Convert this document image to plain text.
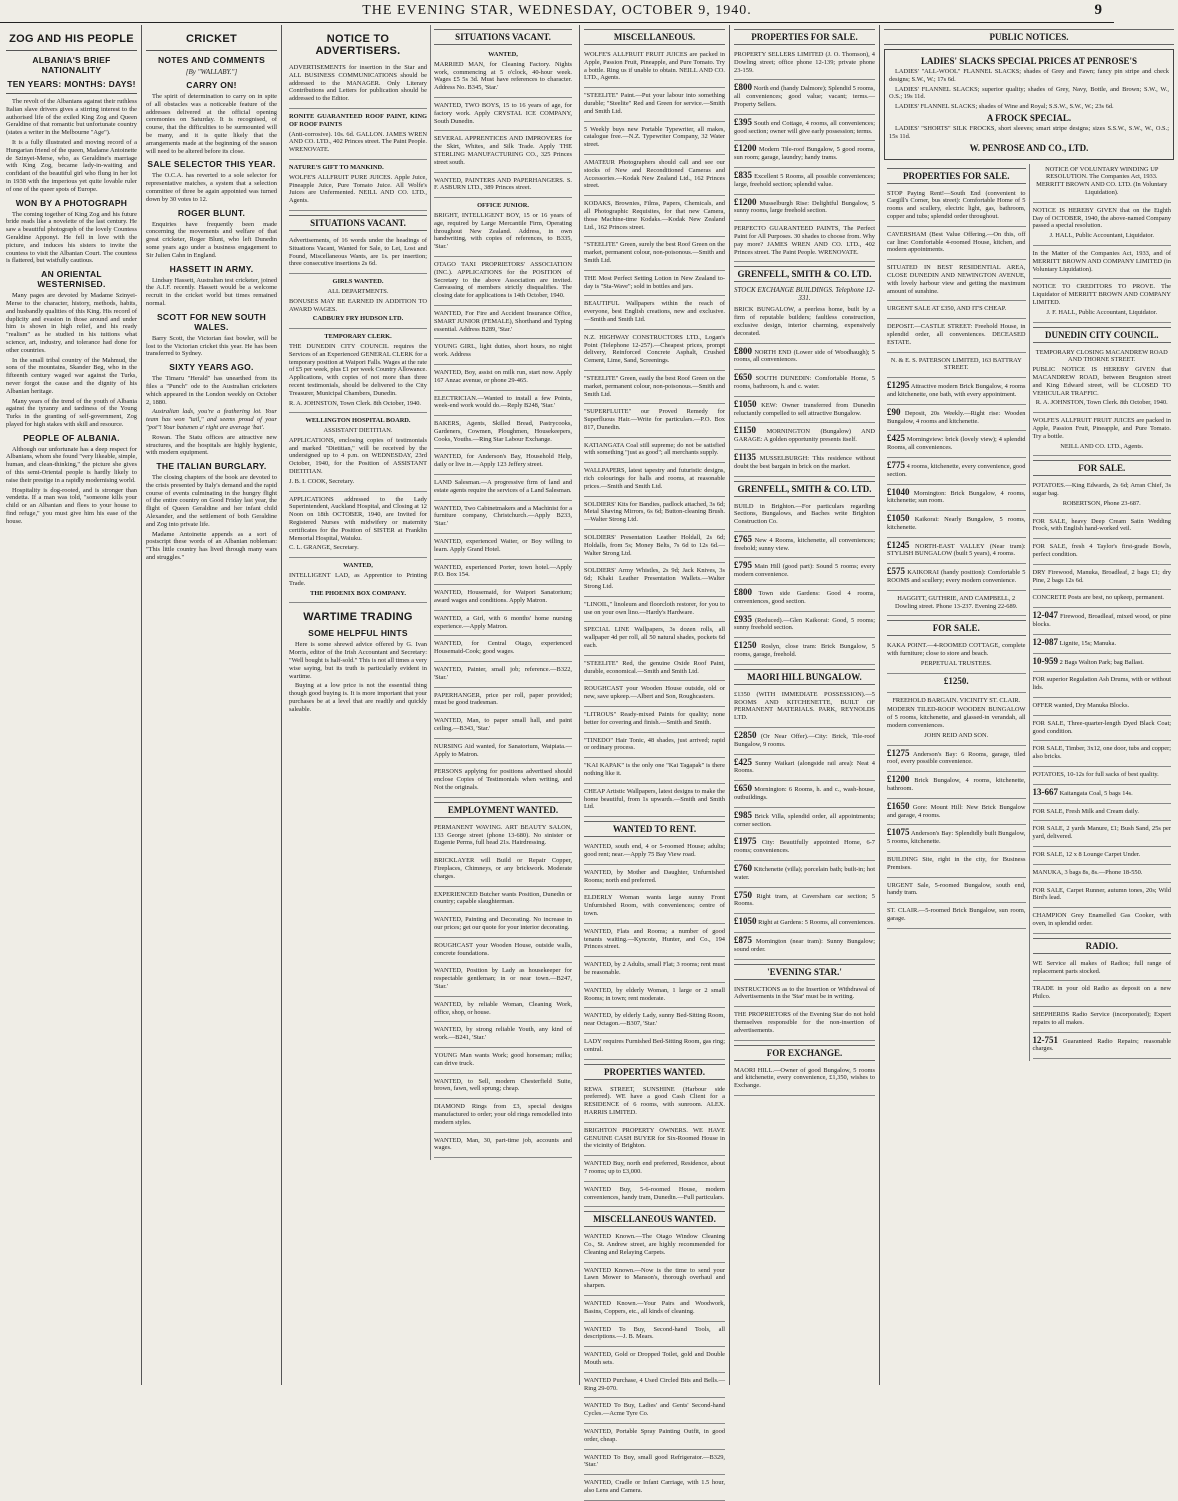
THE EVENING STAR, WEDNESDAY, OCTOBER 9, 1940.	9
ZOG AND HIS PEOPLE
ALBANIA'S BRIEF NATIONALITY
TEN YEARS: MONTHS: DAYS!

The revolt of the Albanians against their ruthless Italian slave drivers gives a stirring interest to the authorised life of the exiled King Zog and Queen Geraldine of that romantic but unfortunate country (states a writer in the Melbourne "Age").

It is a fully illustrated and moving record of a Hungarian friend of the queen, Madame Antoinette de Szinyei-Merse, who, as Geraldine's marriage with King Zog, became lady-in-waiting and confidant of the beautiful girl who flung in her lot in 1938 with the imperious yet quite lovable ruler of one of the queer spots of Europe.

WON BY A PHOTOGRAPH

The coming together of King Zog and his future bride reads like a novelette of the last century. He saw a beautiful photograph of the lovely Countess Geraldine Apponyi. He fell in love with the picture, and induces his sisters to invite the countess to visit the Albanian Court. The countess is flattered, but wistfully cautious.

AN ORIENTAL WESTERNISED.

Many pages are devoted by Madame Szinyei-Merse to the character, history, methods, habits, and husbandly qualities of this King. His record of duplicity and evasion in those around and under him is shown in high relief, and his ready "realism" as he studied in his tuitions what science, art, industry, and tolerance had done for other countries.

In the small tribal country of the Mahmud, the sons of the mountains, Skander Beg, who in the fifteenth century waged war against the Turks, never forgot the cause and the dignity of his Albanian heritage.

Many years of the trend of the youth of Albania against the tyranny and tardiness of the Young Turks in the granting of self-government, Zog played for high stakes with skill and resource.

PEOPLE OF ALBANIA.

Although our unfortunate has a deep respect for Albanians, whom she found "very likeable, simple, human, and clean-thinking," the picture she gives of this semi-Oriental people is hardly likely to raise their prestige in a rapidly modernising world.

Hospitality is dog-rooted, and is stronger than vendetta. If a man was told, "someone kills your child or an Albanian and flees to your house to find refuge," you must give him his ease of the house.

CRICKET
NOTES AND COMMENTS
[By "WALLABY."]
CARRY ON!

The spirit of determination to carry on in spite of all obstacles was a noticeable feature of the addresses delivered at the official opening ceremonies on Saturday. It is recognised, of course, that the difficulties to be surmounted will be many, and it is quite likely that the arrangements made at the beginning of the season will need to be altered before its close.

SALE SELECTOR THIS YEAR.

The O.C.A. has reverted to a sole selector for representative matches, a system that a selection committee of three be again appointed was turned down by 30 votes to 12.

ROGER BLUNT.

Enquiries have frequently been made concerning the movements and welfare of that great cricketer, Roger Blunt, who left Dunedin some years ago under a business engagement to Sir Julien Cahn in England.

HASSETT IN ARMY.

Lindsay Hassett, Australian test cricketer, joined the A.I.F. recently. Hassett would be a welcome recruit in the cricket world but times remained normal.

SCOTT FOR NEW SOUTH WALES.

Barry Scott, the Victorian fast bowler, will be lost to the Victorian cricket this year. He has been transferred to Sydney.

SIXTY YEARS AGO.

The Timaru "Herald" has unearthed from its files a "Punch" ode to the Australian cricketers which appeared in the London weekly on October 2, 1880.

Australian lads, you're a feathering lot. Your team has won "tail," and seems proud of your "pot"! Your batsmen a' right are average 'bat'.

Rowan. The Statu offices are attractive new structures, and the hospitals are highly hygienic, with modern equipment.

THE ITALIAN BURGLARY.

The closing chapters of the book are devoted to the crisis presented by Italy's demand and the rapid course of events culminating in the hungry flight of the entire country on Good Friday last year, the flight of Queen Geraldine and her infant child Alexander, and the settlement of both Geraldine and Zog into private life.

Madame Antoinette appends as a sort of postscript these words of an Albanian nobleman: "This little country has lived through many wars and struggles."

NOTICE TO ADVERTISERS.

ADVERTISEMENTS for insertion in the Star and ALL BUSINESS COMMUNICATIONS should be addressed to the MANAGER. Only Literary Contributions and Letters for publication should be addressed to the Editor.

RONITE GUARANTEED ROOF PAINT, KING OF ROOF PAINTS

(Anti-corrosive). 10s. 6d. GALLON. JAMES WREN AND CO. LTD., 402 Princes street. The Paint People. WRENOVATE.

NATURE'S GIFT TO MANKIND.

WOLFE'S ALLFRUIT PURE JUICES. Apple Juice, Pineapple Juice, Pure Tomato Juice. All Wolfe's Juices are Unfermented. NEILL AND CO. LTD., Agents.

SITUATIONS VACANT.

Advertisements, of 16 words under the headings of Situations Vacant, Wanted for Sale, to Let, Lost and Found, Miscellaneous Wants, are 1s. per insertion; three consecutive insertions 2s 6d.

GIRLS WANTED.

ALL DEPARTMENTS.

BONUSES MAY BE EARNED IN ADDITION TO AWARD WAGES.

CADBURY FRY HUDSON LTD.

TEMPORARY CLERK.

THE DUNEDIN CITY COUNCIL requires the Services of an Experienced GENERAL CLERK for a temporary position at Waipori Falls. Wages at the rate of £5 per week, plus £1 per week Country Allowance. Applications, with copies of not more than three recent testimonials, should be delivered to the City Treasurer, Municipal Chambers, Dunedin.

R. A. JOHNSTON, Town Clerk. 8th October, 1940.

WELLINGTON HOSPITAL BOARD.

ASSISTANT DIETITIAN.

APPLICATIONS, enclosing copies of testimonials and marked "Dietitian," will be received by the undersigned up to 4 p.m. on WEDNESDAY, 23rd October, 1940, for the Position of ASSISTANT DIETITIAN.

J. B. I. COOK, Secretary.

APPLICATIONS addressed to the Lady Superintendent, Auckland Hospital, and Closing at 12 Noon on 18th OCTOBER, 1940, are Invited for Registered Nurses with midwifery or maternity certificates for the Position of SISTER at Franklin Memorial Hospital, Waiuku.

C. L. GRANGE, Secretary.

WANTED,

INTELLIGENT LAD, as Apprentice to Printing Trade.

THE PHOENIX BOX COMPANY.

WARTIME TRADING
SOME HELPFUL HINTS

Here is some shrewd advice offered by G. Ivan Morris, editor of the Irish Accountant and Secretary: "Well bought is half-sold." This is not all times a very wise saying, but its truth is particularly evident in wartime.

Buying at a low price is not the essential thing though good buying is. It is more important that your purchases be at a level that are readily and quickly saleable.

SITUATIONS VACANT.

WANTED,

MARRIED MAN, for Cleaning Factory. Nights work, commencing at 5 o'clock, 40-hour week. Wages £5 5s 3d. Must have references to character. Address No. B345, 'Star.'

WANTED, TWO BOYS, 15 to 16 years of age, for factory work. Apply CRYSTAL ICE COMPANY, South Dunedin.

SEVERAL APPRENTICES AND IMPROVERS for the Skirt, Whites, and Silk Trade. Apply THE STERLING MANUFACTURING CO., 325 Princes street south.

WANTED, PAINTERS AND PAPERHANGERS. S. F. ASBURN LTD., 389 Princes street.

OFFICE JUNIOR.

BRIGHT, INTELLIGENT BOY, 15 or 16 years of age, required by Large Mercantile Firm, Operating throughout New Zealand. Address, in own handwriting, with copies of references, to B335, 'Star.'

OTAGO TAXI PROPRIETORS' ASSOCIATION (INC.). APPLICATIONS for the POSITION of Secretary to the above Association are invited. Canvassing of members strictly disqualifies. The closing date for applications is 14th October, 1940.

WANTED, For Fire and Accident Insurance Office, SMART JUNIOR (FEMALE), Shorthand and Typing essential. Address B289, 'Star.'

YOUNG GIRL, light duties, short hours, no night work. Address

WANTED, Boy, assist on milk run, start now. Apply 167 Anzac avenue, or phone 29-465.

ELECTRICIAN.—Wanted to install a few Points, week-end work would do.—Reply B248, 'Star.'

BAKERS, Agents, Skilled Bread, Pastrycooks, Gardeners, Cowmen, Ploughmen, Housekeepers, Cooks, Youths.—Ring Star Labour Exchange.

WANTED, for Anderson's Bay, Household Help, daily or live in.—Apply 123 Jeffery street.

LAND Salesman.—A progressive firm of land and estate agents require the services of a Land Salesman.

WANTED, Two Cabinetmakers and a Machinist for a furniture company, Christchurch.—Apply B233, 'Star.'

WANTED, experienced Waiter, or Boy willing to learn. Apply Grand Hotel.

WANTED, experienced Porter, town hotel.—Apply P.O. Box 154.

WANTED, Housemaid, for Waipori Sanatorium; award wages and conditions. Apply Matron.

WANTED, a Girl, with 6 months' home nursing experience.—Apply Matron.

WANTED, for Central Otago, experienced Housemaid-Cook; good wages.

WANTED, Painter, small job; reference.—B322, 'Star.'

PAPERHANGER, price per roll, paper provided; must be good tradesman.

WANTED, Man, to paper small hall, and paint ceiling.—B343, 'Star.'

NURSING Aid wanted, for Sanatorium, Waipiata.—Apply to Matron.

PERSONS applying for positions advertised should enclose Copies of Testimonials when writing, and Not the originals.

EMPLOYMENT WANTED.

PERMANENT WAVING. ART BEAUTY SALON, 133 George street (phone 13-680). No sinister or Eugenie Perms, full head 21s. Hairdressing.

BRICKLAYER will Build or Repair Copper, Fireplaces, Chimneys, or any brickwork. Moderate charges.

EXPERIENCED Butcher wants Position, Dunedin or country; capable slaughterman.

WANTED, Painting and Decorating. No increase in our prices; get our quote for your interior decorating.

ROUGHCAST your Wooden House, outside walls, concrete foundations.

WANTED, Position by Lady as housekeeper for respectable gentleman; in or near town.—B247, 'Star.'

WANTED, by reliable Woman, Cleaning Work, office, shop, or house.

WANTED, by strong reliable Youth, any kind of work.—B241, 'Star.'

YOUNG Man wants Work; good horseman; milks; can drive truck.

WANTED, to Sell, modern Chesterfield Suite, brown, fawn, well sprung; cheap.

DIAMOND Rings from £3, special designs manufactured to order; your old rings remodelled into modern styles.

WANTED, Man, 30, part-time job, accounts and wages.

MISCELLANEOUS.

WOLFE'S ALLFRUIT FRUIT JUICES are packed in Apple, Passion Fruit, Pineapple, and Pure Tomato. Try a bottle. Ring us if unable to obtain. NEILL AND CO. LTD., Agents.

"STEELITE" Paint.—Put your labour into something durable; "Steelite" Red and Green for service.—Smith and Smith Ltd.

5 Weekly buys new Portable Typewriter, all makes, catalogue free.—N.Z. Typewriter Company, 32 Water street.

AMATEUR Photographers should call and see our stocks of New and Reconditioned Cameras and Accessories.—Kodak New Zealand Ltd., 162 Princes street.

KODAKS, Brownies, Films, Papers, Chemicals, and all Photographic Requisites, for that new Camera, those Machine-time Kodaks.—Kodak New Zealand Ltd., 162 Princes street.

"STEELITE" Green, surely the best Roof Green on the market, permanent colour, non-poisonous.—Smith and Smith Ltd.

THE Most Perfect Setting Lotion in New Zealand to-day is "Sta-Wave"; sold in bottles and jars.

BEAUTIFUL Wallpapers within the reach of everyone, best English creations, new and exclusive.—Smith and Smith Ltd.

N.Z. HIGHWAY CONSTRUCTORS LTD., Logan's Point (Telephone 12-257).—Cheapest prices, prompt delivery, Reinforced Concrete Asphalt, Crushed Cement, Lime, Sand, Screenings.

"STEELITE" Green, easily the best Roof Green on the market, permanent colour, non-poisonous.—Smith and Smith Ltd.

"SUPERFLUITE" our Proved Remedy for Superfluous Hair.—Write for particulars.—P.O. Box 817, Dunedin.

KATIANGATA Coal still supreme; do not be satisfied with something "just as good"; all merchants supply.

WALLPAPERS, latest tapestry and futuristic designs, rich colourings for halls and rooms, at reasonable prices.—Smith and Smith Ltd.

SOLDIERS' Kits for Bandies, padlock attached, 3s 6d; Metal Shaving Mirrors, 6s 6d; Button-cleaning Brush.—Walter Strong Ltd.

SOLDIERS' Presentation Leather Holdall, 2s 6d; Holdalls, from 5s; Money Belts, 7s 6d to 12s 6d.—Walter Strong Ltd.

SOLDIERS' Army Whistles, 2s 9d; Jack Knives, 3s 6d; Khaki Leather Presentation Wallets.—Walter Strong Ltd.

"LINOIL," linoleum and floorcloth restorer, for you to use on your own lino.—Hardy's Hardware.

SPECIAL LINE Wallpapers, 3s dozen rolls, all wallpaper 4d per roll, all 50 natural shades, pockets 6d each.

"STEELITE" Red, the genuine Oxide Roof Paint, durable, economical.—Smith and Smith Ltd.

ROUGHCAST your Wooden House outside, old or new, save upkeep.—Albert and Son, Roughcasters.

"LITROUS" Ready-mixed Paints for quality; none better for covering and finish.—Smith and Smith.

"TINEDO" Hair Tonic, 48 shades, just arrived; rapid or ordinary process.

"KAI KAPAK" is the only one "Kai Tagapak" is there nothing like it.

CHEAP Artistic Wallpapers, latest designs to make the home beautiful, from 1s upwards.—Smith and Smith Ltd.

WANTED TO RENT.

WANTED, south end, 4 or 5-roomed House; adults; good rent; near.—Apply 75 Bay View road.

WANTED, by Mother and Daughter, Unfurnished Rooms; north end preferred.

ELDERLY Woman wants large sunny Front Unfurnished Room, with conveniences; centre of town.

WANTED, Flats and Rooms; a number of good tenants waiting.—Kyncote, Hunter, and Co., 194 Princes street.

WANTED, by 2 Adults, small Flat; 3 rooms; rent must be reasonable.

WANTED, by elderly Woman, 1 large or 2 small Rooms; in town; rent moderate.

WANTED, by elderly Lady, sunny Bed-Sitting Room, near Octagon.—B307, 'Star.'

LADY requires Furnished Bed-Sitting Room, gas ring; central.

PROPERTIES WANTED.

REWA STREET, SUNSHINE (Harbour side preferred). WE have a good Cash Client for a RESIDENCE of 6 rooms, with sunroom. ALEX. HARRIS LIMITED.

BRIGHTON PROPERTY OWNERS. WE HAVE GENUINE CASH BUYER for Six-Roomed House in the vicinity of Brighton.

WANTED Buy, north end preferred, Residence, about 7 rooms; up to £3,000.

WANTED Buy, 5-6-roomed House, modern conveniences, handy tram, Dunedin.—Full particulars.

MISCELLANEOUS WANTED.

WANTED Known.—The Otago Window Cleaning Co., St. Andrew street, are highly recommended for Cleaning and Relaying Carpets.

WANTED Known.—Now is the time to send your Lawn Mower to Manson's, thorough overhaul and sharpen.

WANTED Known.—Your Pairs and Woodwork, Basins, Coppers, etc., all kinds of cleaning.

WANTED To Buy, Second-hand Tools, all descriptions.—J. B. Mears.

WANTED, Gold or Dropped Toilet, gold and Double Mouth sets.

WANTED Purchase, 4 Used Circled Bits and Bells.—Ring 29-070.

WANTED To Buy, Ladies' and Gents' Second-hand Cycles.—Acme Tyre Co.

WANTED, Portable Spray Painting Outfit, in good order, cheap.

WANTED To Buy, small good Refrigerator.—B329, 'Star.'

WANTED, Cradle or Infant Carriage, with 1.5 hour, also Lens and Camera.

PROPERTIES FOR SALE.

PROPERTY SELLERS LIMITED (J. O. Thomson), 4 Dowling street; office phone 12-139; private phone 23-159.

£800 North end (handy Dalmore); Splendid 5 rooms, all conveniences; good value; vacant; terms.—Property Sellers.

£395 South end Cottage, 4 rooms, all conveniences; good section; owner will give early possession; terms.

£1200 Modern Tile-roof Bungalow, 5 good rooms, sun room; garage, laundry; handy trams.

£835 Excellent 5 Rooms, all possible conveniences; large, freehold section; splendid value.

£1200 Musselburgh Rise: Delightful Bungalow, 5 sunny rooms, large freehold section.

PERFECTO GUARANTEED PAINTS, The Perfect Paint for All Purposes. 30 shades to choose from. Why pay more? JAMES WREN AND CO. LTD., 402 Princes street. The Paint People. WRENOVATE.

GRENFELL, SMITH & CO. LTD.
STOCK EXCHANGE BUILDINGS. Telephone 12-331.

BRICK BUNGALOW, a peerless home, built by a firm of reputable builders; faultless construction, exclusive design, interior charming, expensively decorated.

£800 NORTH END (Lower side of Woodhaugh); 5 rooms, all conveniences.

£650 SOUTH DUNEDIN: Comfortable Home, 5 rooms, bathroom, h. and c. water.

£1050 KEW: Owner transferred from Dunedin reluctantly compelled to sell attractive Bungalow.

£1150 MORNINGTON (Bungalow) AND GARAGE: A golden opportunity presents itself.

£1135 MUSSELBURGH: This residence without doubt the best bargain in brick on the market.

GRENFELL, SMITH & CO. LTD.

BUILD in Brighton.—For particulars regarding Sections, Bungalows, and Baches write Brighton Construction Co.

£765 New 4 Rooms, kitchenette, all conveniences; freehold; sunny view.

£795 Main Hill (good part): Sound 5 rooms; every modern convenience.

£800 Town side Gardens: Good 4 rooms, conveniences, good section.

£935 (Reduced).—Glen Kaikorai: Good, 5 rooms; sunny freehold section.

£1250 Roslyn, close tram: Brick Bungalow, 5 rooms, garage, freehold.

MAORI HILL BUNGALOW.

£1350 (WITH IMMEDIATE POSSESSION).—5 ROOMS AND KITCHENETTE, BUILT OF PERMANENT MATERIALS. PARK, REYNOLDS LTD.

£2850 (Or Near Offer).—City: Brick, Tile-roof Bungalow, 9 rooms.

£425 Sunny Waikari (alongside rail area): Neat 4 Rooms.

£650 Mornington: 6 Rooms, h. and c., wash-house, outbuildings.

£985 Brick Villa, splendid order, all appointments; corner section.

£1975 City: Beautifully appointed Home, 6-7 rooms; conveniences.

£760 Kitchenette (villa); porcelain bath; built-in; hot water.

£750 Right tram, at Caversham car section; 5 Rooms.

£1050 Right at Gardens: 5 Rooms, all conveniences.

£875 Mornington (near tram): Sunny Bungalow; sound order.

'EVENING STAR.'

INSTRUCTIONS as to the Insertion or Withdrawal of Advertisements in the 'Star' must be in writing.

THE PROPRIETORS of the Evening Star do not hold themselves responsible for the non-insertion of advertisements.

FOR EXCHANGE.

MAORI HILL.—Owner of good Bungalow, 5 rooms and kitchenette, every convenience, £1,350, wishes to Exchange.

PUBLIC NOTICES.
LADIES' SLACKS SPECIAL PRICES AT PENROSE'S

LADIES' "ALL-WOOL" FLANNEL SLACKS; shades of Grey and Fawn; fancy pin stripe and check designs; S.W., W.; 17s 6d.

LADIES' FLANNEL SLACKS; superior quality; shades of Grey, Navy, Bottle, and Brown; S.W., W., O.S.; 19s 11d.

LADIES' FLANNEL SLACKS; shades of Wine and Royal; S.S.W., S.W., W.; 23s 6d.

A FROCK SPECIAL.

LADIES' "SHORTS" SILK FROCKS, short sleeves; smart stripe designs; sizes S.S.W., S.W., W., O.S.; 15s 11d.

W. PENROSE AND CO., LTD.
PROPERTIES FOR SALE.

STOP Paying Rent!—South End (convenient to Cargill's Corner, bus street): Comfortable Home of 5 rooms and scullery, electric light, gas, bathroom, copper and tubs; splendid order throughout.

CAVERSHAM (Best Value Offering.—On this, off car line: Comfortable 4-roomed House, kitchen, and modern appointments.

SITUATED IN BEST RESIDENTIAL AREA, CLOSE DUNEDIN AND NEWINGTON AVENUE, with lovely harbour view and getting the maximum amount of sunshine.

URGENT SALE AT £350, AND IT'S CHEAP.

DEPOSIT.—CASTLE STREET: Freehold House, in splendid order, all conveniences. DECEASED ESTATE.

N. & E. S. PATERSON LIMITED, 163 BATTRAY STREET.

£1295 Attractive modern Brick Bungalow, 4 rooms and kitchenette, one bath, with every appointment.

£90 Deposit, 20s Weekly.—Right rise: Wooden Bungalow, 4 rooms and kitchenette.

£425 Morningview: brick (lovely view); 4 splendid Rooms, all conveniences.

£775 4 rooms, kitchenette, every convenience, good section.

£1040 Mornington: Brick Bungalow, 4 rooms, kitchenette; sun room.

£1050 Kaikorai: Nearly Bungalow, 5 rooms, kitchenette.

£1245 NORTH-EAST VALLEY (Near tram): STYLISH BUNGALOW (built 5 years), 4 rooms.

£575 KAIKORAI (handy position): Comfortable 5 ROOMS and scullery; every modern convenience.

HAGGITT, GUTHRIE, AND CAMPBELL, 2 Dowling street. Phone 13-237. Evening 22-689.

FOR SALE.

KAKA POINT.—4-ROOMED COTTAGE, complete with furniture; close to store and beach.

PERPETUAL TRUSTEES.

£1250.

FREEHOLD BARGAIN. VICINITY ST. CLAIR.

MODERN TILED-ROOF WOODEN BUNGALOW of 5 rooms, kitchenette, and glassed-in verandah, all modern conveniences.

JOHN REID AND SON.

£1275 Anderson's Bay: 6 Rooms, garage, tiled roof, every possible convenience.

£1200 Brick Bungalow, 4 rooms, kitchenette, bathroom.

£1650 Gore: Mount Hill: New Brick Bungalow and garage, 4 rooms.

£1075 Anderson's Bay: Splendidly built Bungalow, 5 rooms, kitchenette.

BUILDING Site, right in the city, for Business Premises.

URGENT Sale, 5-roomed Bungalow, south end, handy tram.

ST. CLAIR.—5-roomed Brick Bungalow, sun room, garage.

NOTICE OF VOLUNTARY WINDING UP RESOLUTION. The Companies Act, 1933. MERRITT BROWN AND CO. LTD. (In Voluntary Liquidation).

NOTICE IS HEREBY GIVEN that on the Eighth Day of OCTOBER, 1940, the above-named Company passed a special resolution.

J. HALL, Public Accountant, Liquidator.

In the Matter of the Companies Act, 1933, and of MERRITT BROWN AND COMPANY LIMITED (in Voluntary Liquidation).

NOTICE TO CREDITORS TO PROVE. The Liquidator of MERRITT BROWN AND COMPANY LIMITED.

J. F. HALL, Public Accountant, Liquidator.

DUNEDIN CITY COUNCIL.

TEMPORARY CLOSING MACANDREW ROAD AND THORNE STREET.

PUBLIC NOTICE IS HEREBY GIVEN that MACANDREW ROAD, between Brugnton street and King Edward street, will be CLOSED TO VEHICULAR TRAFFIC.

R. A. JOHNSTON, Town Clerk. 8th October, 1940.

WOLFE'S ALLFRUIT FRUIT JUICES are packed in Apple, Passion Fruit, Pineapple, and Pure Tomato. Try a bottle.

NEILL AND CO. LTD., Agents.

FOR SALE.

POTATOES.—King Edwards, 2s 6d; Arran Chief, 3s sugar bag.

ROBERTSON, Phone 23-687.

FOR SALE, heavy Deep Cream Satin Wedding Frock, with English hand-worked veil.

FOR SALE, fresh 4 Taylor's first-grade Bowls, perfect condition.

DRY Firewood, Manuka, Broadleaf, 2 bags £1; dry Pine, 2 bags 12s 6d.

CONCRETE Posts are best, no upkeep, permanent.

12-047 Firewood, Broadleaf, mixed wood, or pine blocks.

12-087 Lignite, 15s; Manuka.

10-959 2 Bags Walton Park; bag Ballast.

FOR superior Regulation Ash Drums, with or without lids.

OFFER wanted, Dry Manuka Blocks.

FOR SALE, Three-quarter-length Dyed Black Coat; good condition.

FOR SALE, Timber, 3x12, one door, tubs and copper; also bricks.

POTATOES, 10-12s for full sacks of best quality.

13-667 Kaitangata Coal, 5 bags 14s.

FOR SALE, Fresh Milk and Cream daily.

FOR SALE, 2 yards Manure, £1; Bush Sand, 25s per yard, delivered.

FOR SALE, 12 x 8 Lounge Carpet Under.

MANUKA, 3 bags 8s, 8s.—Phone 18-550.

FOR SALE, Carpet Runner, autumn tones, 20s; Wild Bird's lead.

CHAMPION Grey Enamelled Gas Cooker, with oven, in splendid order.

RADIO.

WE Service all makes of Radios; full range of replacement parts stocked.

TRADE in your old Radio as deposit on a new Philco.

SHEPHERDS Radio Service (incorporated); Expert repairs to all makes.

12-751 Guaranteed Radio Repairs; reasonable charges.
